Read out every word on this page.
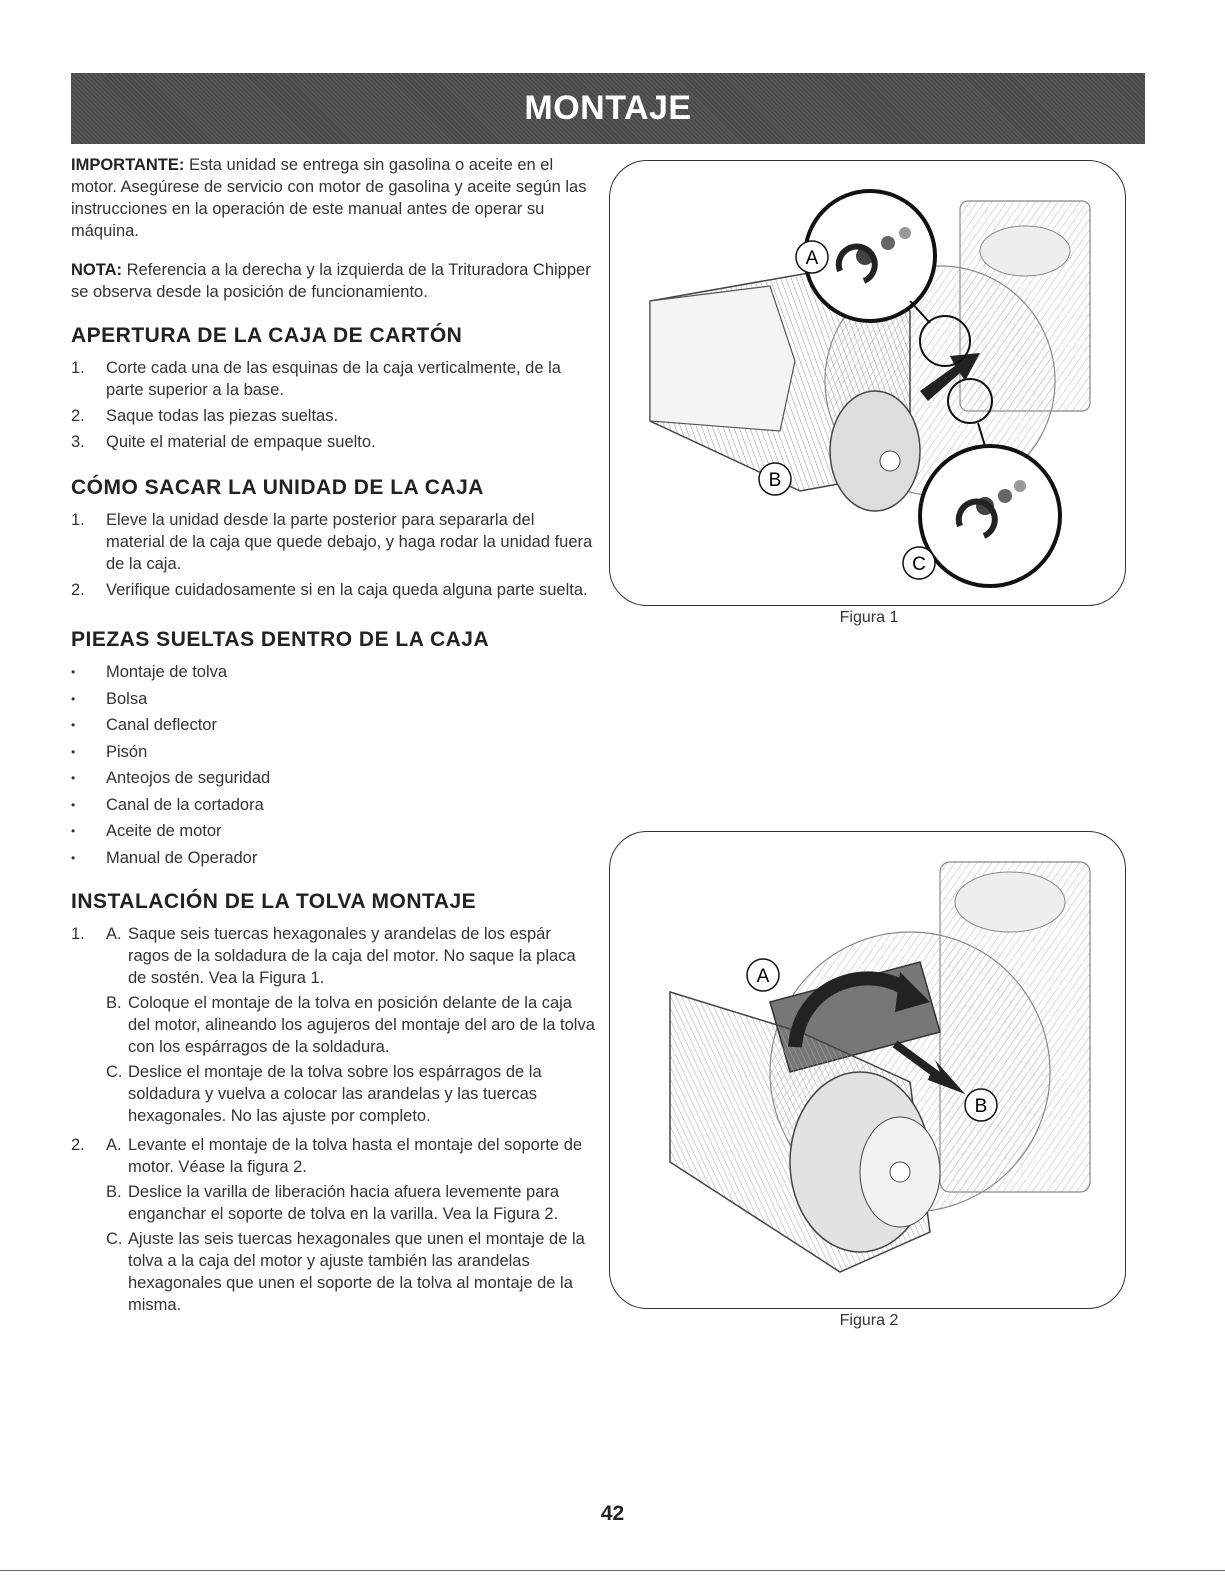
MONTAJE

IMPORTANTE: Esta unidad se entrega sin gasolina o aceite en el motor. Asegúrese de servicio con motor de gasolina y aceite según las instrucciones en la operación de este manual antes de operar su máquina.

NOTA: Referencia a la derecha y la izquierda de la Trituradora Chipper se observa desde la posición de funcionamiento.

APERTURA DE LA CAJA DE CARTÓN
1.	Corte cada una de las esquinas de la caja verticalmente, de la parte superior a la base.
2.	Saque todas las piezas sueltas.
3.	Quite el material de empaque suelto.
CÓMO SACAR LA UNIDAD DE LA CAJA
1.	Eleve la unidad desde la parte posterior para separarla del material de la caja que quede debajo, y haga rodar la unidad fuera de la caja.
2.	Verifique cuidadosamente si en la caja queda alguna parte suelta.
PIEZAS SUELTAS DENTRO DE LA CAJA
•	Montaje de tolva
•	Bolsa
•	Canal deflector
•	Pisón
•	Anteojos de seguridad
•	Canal de la cortadora
•	Aceite de motor
•	Manual de Operador
INSTALACIÓN DE LA TOLVA MONTAJE
1.	A. Saque seis tuercas hexagonales y arandelas de los espár ragos de la soldadura de la caja del motor. No saque la placa de sostén. Vea la Figura 1.
B. Coloque el montaje de la tolva en posición delante de la caja del motor, alineando los agujeros del montaje del aro de la tolva con los espárragos de la soldadura.
C. Deslice el montaje de la tolva sobre los espárragos de la soldadura y vuelva a colocar las arandelas y las tuercas hexagonales. No las ajuste por completo.
2.	A. Levante el montaje de la tolva hasta el montaje del soporte de motor. Véase la figura 2.
B. Deslice la varilla de liberación hacia afuera levemente para enganchar el soporte de tolva en la varilla. Vea la Figura 2.
C. Ajuste las seis tuercas hexagonales que unen el montaje de la tolva a la caja del motor y ajuste también las arandelas hexagonales que unen el soporte de la tolva al montaje de la misma.
A
B
C
Figura 1
A
B
Figura 2
42
